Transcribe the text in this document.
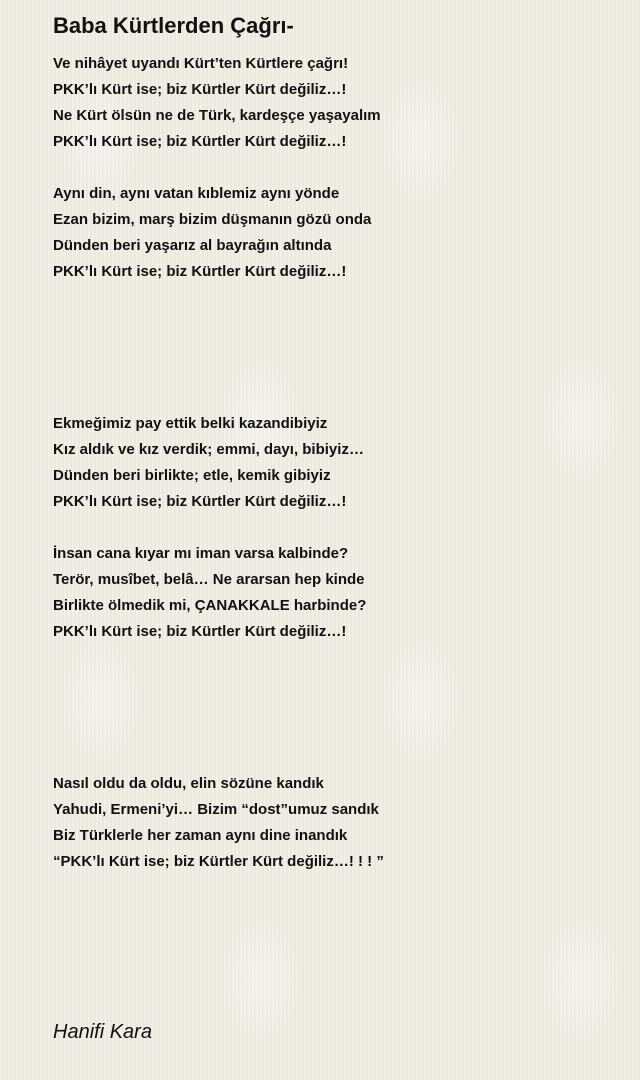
Baba Kürtlerden Çağrı-
Ve nihâyet uyandı Kürt’ten Kürtlere çağrı!
PKK’lı Kürt ise; biz Kürtler Kürt değiliz…!
Ne Kürt ölsün ne de Türk, kardeşçe yaşayalım
PKK’lı Kürt ise; biz Kürtler Kürt değiliz…!
Aynı din, aynı vatan kıblemiz aynı yönde
Ezan bizim, marş bizim düşmanın gözü onda
Dünden beri yaşarız al bayrağın altında
PKK’lı Kürt ise; biz Kürtler Kürt değiliz…!
Ekmeğimiz pay ettik belki kazandibiyiz
Kız aldık ve kız verdik; emmi, dayı, bibiyiz…
Dünden beri birlikte; etle, kemik gibiyiz
PKK’lı Kürt ise; biz Kürtler Kürt değiliz…!
İnsan cana kıyar mı iman varsa kalbinde?
Terör, musîbet, belâ… Ne ararsan hep kinde
Birlikte ölmedik mi, ÇANAKKALE harbinde?
PKK’lı Kürt ise; biz Kürtler Kürt değiliz…!
Nasıl oldu da oldu, elin sözüne kandık
Yahudi, Ermeni’yi… Bizim “dost”umuz sandık
Biz Türklerle her zaman aynı dine inandık
“PKK’lı Kürt ise; biz Kürtler Kürt değiliz…! ! ! ”
Hanifi Kara
